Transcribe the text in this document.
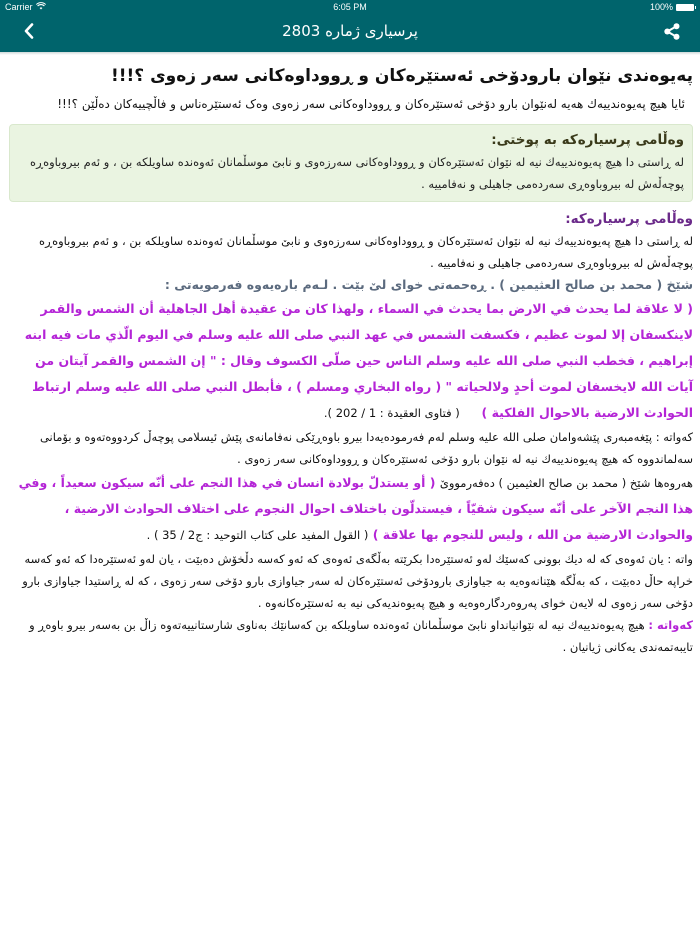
Carrier	6:05 PM	100%
پرسیاری ژماره 2803
پەیوەندی نێوان بارودۆخی ئەستێرەکان و ڕووداوەکانی سەر زەوی ؟!!!
ئایا هیچ پەیوەندییەك هەیە لەنێوان بارو دۆخی ئەستێرەکان و ڕووداوەکانی سەر زەوی وەک ئەستێرەناس و فاڵچییەکان دەڵێن ؟!!!
وەڵامی پرسیارەکە بە پوختی:
لە ڕاستی دا هیچ پەیوەندییەك نیە لە نێوان ئەستێرەکان و ڕووداوەکانی سەرزەوی و نابێ موسڵمانان ئەوەندە ساویلکە بن ، و ئەم بیروباوەڕە پوچەڵەش لە بیروباوەڕی سەردەمی جاهیلی و نەفامییە .
وەڵامی پرسیارەکە:
لە ڕاستی دا هیچ پەیوەندییەك نیە لە نێوان ئەستێرەکان و ڕووداوەکانی سەرزەوی و نابێ موسڵمانان ئەوەندە ساویلکە بن ، و ئەم بیروباوەڕە پوچەڵەش لە بیروباوەڕی سەردەمی جاهیلی و نەفامییە .
شێخ ( محمد بن صالح العثيمين ) . ڕەحمەتی خوای لێ بێت . لـەم بارەیەوە فەرمویەتی :
( لا علاقة لما يحدث في الارض بما يحدث في السماء ، ولهذا كان من عقيدة أهل الجاهلية أن الشمس والقمر لاينكسفان إلا لموت عظيم ، فكسفت الشمس في عهد النبي صلى الله عليه وسلم في اليوم الّذي مات فيه ابنه إبراهيم ، فخطب النبي صلى الله عليه وسلم الناس حين صلّى الكسوف وقال : " إن الشمس والقمر آيتان من آيات الله لايخسفان لموت أحدٍ ولالحياته " ( رواه البخاري ومسلم ) ، فأبطل النبي صلى الله عليه وسلم ارتباط الحوادث الارضية بالاحوال الفلكية )     ( فتاوى العقيدة : 1 / 202 ).
کەواتە : پێغەمبەری پێشەوامان صلی الله علیه وسلم لەم فەرمودەیەدا بیرو باوەڕێکی نەفامانەی پێش ئیسلامی پوچەڵ کردووەتەوە و بۆمانی سەلماندووە کە هیچ پەیوەندییەك نیە لە نێوان بارو دۆخی ئەستێرەکان و ڕووداوەکانی سەر زەوی .
هەروەها شێخ ( محمد بن صالح العثيمين ) دەفەرمووێ ( أو يستدلّ بولادة انسان في هذا النجم على أنّه سيكون سعيداً ، وفي هذا النجم الآخر على أنّه سيكون شقيّاً ، فيستدلّون باختلاف احوال النجوم على اختلاف الحوادث الارضية ، والحوادث الارضية من الله ، وليس للنجوم بها علاقة ) ( القول المفيد على كتاب التوحيد : ج2 / 35 ) .
واتە : یان ئەوەی کە لە دیك بوونی کەسێك لەو ئەستێرەدا بکرێتە بەڵگەی ئەوەی کە ئەو کەسە دڵخۆش دەبێت ، یان لەو ئەستێرەدا کە ئەو کەسە خراپە حاڵ دەبێت ، کە بەڵگە هێنانەوەیە بە جیاوازی بارودۆخی ئەستێرەکان لە سەر جیاوازی بارو دۆخی سەر زەوی ، کە لە ڕاستیدا جیاوازی بارو دۆخی سەر زەوی لە لایەن خوای پەروەردگارەوەیە و هیچ پەیوەندیەکی نیە بە ئەستێرەکانەوە .
کەواتە : هیچ پەیوەندییەك نیە لە نێوانیانداو نابێ موسڵمانان ئەوەندە ساویلکە بن کەسانێك بەناوی شارستانییەتەوە زاڵ بن بەسەر بیرو باوەڕ و تایبەتمەندی یەکانی ژیانیان .
